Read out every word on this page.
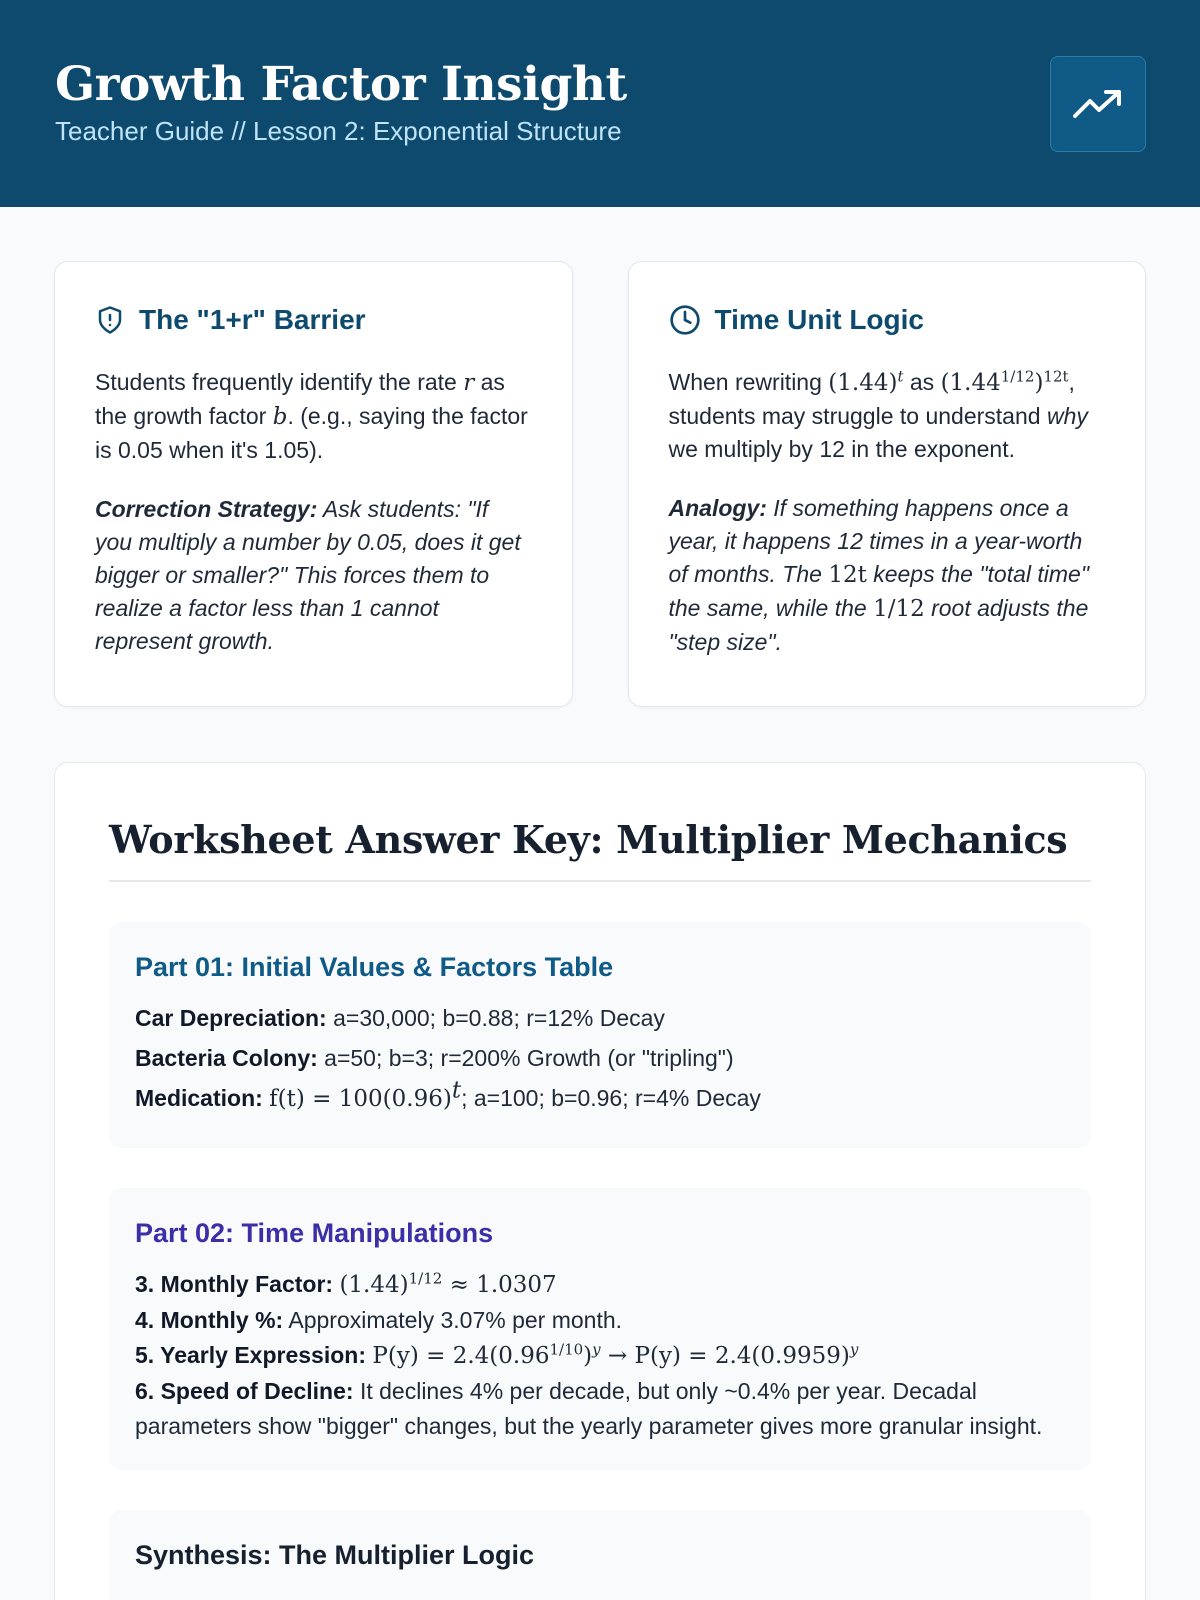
Growth Factor Insight
Teacher Guide // Lesson 2: Exponential Structure
The "1+r" Barrier

Students frequently identify the rate r as the growth factor b. (e.g., saying the factor is 0.05 when it's 1.05).

Correction Strategy: Ask students: "If you multiply a number by 0.05, does it get bigger or smaller?" This forces them to realize a factor less than 1 cannot represent growth.

Time Unit Logic

When rewriting $(1.44)^t$ as $(1.44^{1/12})^{12t}$, students may struggle to understand why we multiply by 12 in the exponent.

Analogy: If something happens once a year, it happens 12 times in a year-worth of months. The 12t keeps the "total time" the same, while the 1/12 root adjusts the "step size".

Worksheet Answer Key: Multiplier Mechanics
Part 01: Initial Values & Factors Table
Car Depreciation: a=30,000; b=0.88; r=12% Decay
Bacteria Colony: a=50; b=3; r=200% Growth (or "tripling")
Medication: $f(t) = 100(0.96)^t$; a=100; b=0.96; r=4% Decay
Part 02: Time Manipulations
3. Monthly Factor: $(1.44)^{1/12} \approx 1.0307$
4. Monthly %: Approximately 3.07% per month.
5. Yearly Expression: $P(y) = 2.4(0.96^{1/10})^y \to P(y) = 2.4(0.9959)^y$
6. Speed of Decline: It declines 4% per decade, but only ~0.4% per year. Decadal parameters show "bigger" changes, but the yearly parameter gives more granular insight.
Synthesis: The Multiplier Logic
